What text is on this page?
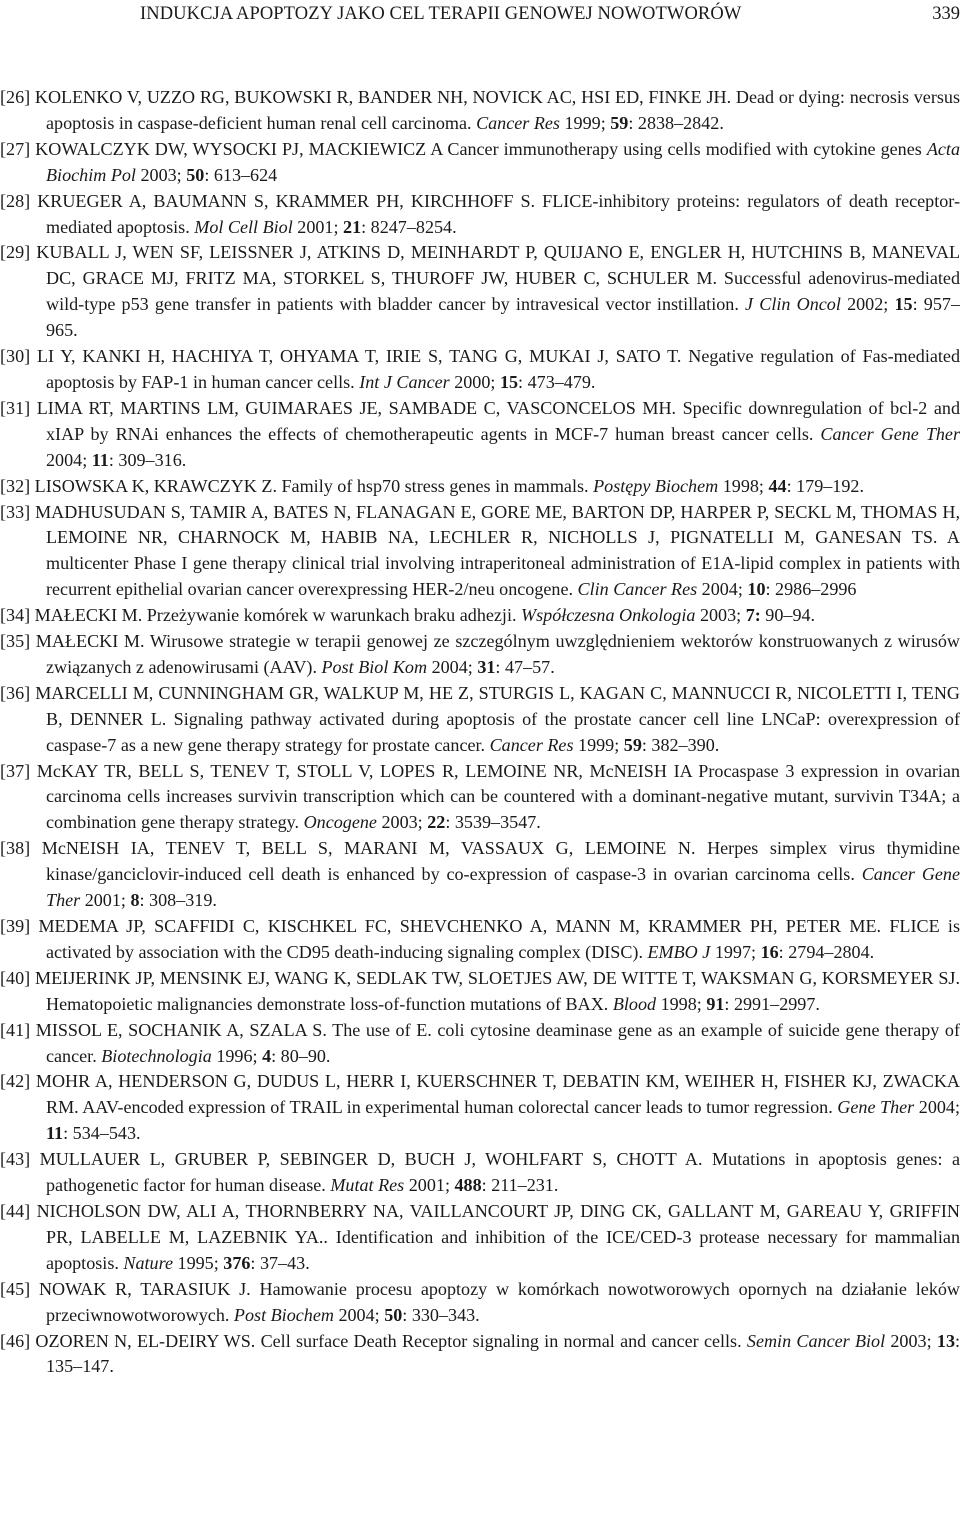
INDUKCJA APOPTOZY JAKO CEL TERAPII GENOWEJ NOWOTWORÓW	339
[26] KOLENKO V, UZZO RG, BUKOWSKI R, BANDER NH, NOVICK AC, HSI ED, FINKE JH. Dead or dying: necrosis versus apoptosis in caspase-deficient human renal cell carcinoma. Cancer Res 1999; 59: 2838–2842.
[27] KOWALCZYK DW, WYSOCKI PJ, MACKIEWICZ A Cancer immunotherapy using cells modified with cytokine genes Acta Biochim Pol 2003; 50: 613–624
[28] KRUEGER A, BAUMANN S, KRAMMER PH, KIRCHHOFF S. FLICE-inhibitory proteins: regulators of death receptor-mediated apoptosis. Mol Cell Biol 2001; 21: 8247–8254.
[29] KUBALL J, WEN SF, LEISSNER J, ATKINS D, MEINHARDT P, QUIJANO E, ENGLER H, HUTCHINS B, MANEVAL DC, GRACE MJ, FRITZ MA, STORKEL S, THUROFF JW, HUBER C, SCHULER M. Successful adenovirus-mediated wild-type p53 gene transfer in patients with bladder cancer by intravesical vector instillation. J Clin Oncol 2002; 15: 957–965.
[30] LI Y, KANKI H, HACHIYA T, OHYAMA T, IRIE S, TANG G, MUKAI J, SATO T. Negative regulation of Fas-mediated apoptosis by FAP-1 in human cancer cells. Int J Cancer 2000; 15: 473–479.
[31] LIMA RT, MARTINS LM, GUIMARAES JE, SAMBADE C, VASCONCELOS MH. Specific downregulation of bcl-2 and xIAP by RNAi enhances the effects of chemotherapeutic agents in MCF-7 human breast cancer cells. Cancer Gene Ther 2004; 11: 309–316.
[32] LISOWSKA K, KRAWCZYK Z. Family of hsp70 stress genes in mammals. Postępy Biochem 1998; 44: 179–192.
[33] MADHUSUDAN S, TAMIR A, BATES N, FLANAGAN E, GORE ME, BARTON DP, HARPER P, SECKL M, THOMAS H, LEMOINE NR, CHARNOCK M, HABIB NA, LECHLER R, NICHOLLS J, PIGNATELLI M, GANESAN TS. A multicenter Phase I gene therapy clinical trial involving intraperitoneal administration of E1A-lipid complex in patients with recurrent epithelial ovarian cancer overexpressing HER-2/neu oncogene. Clin Cancer Res 2004; 10: 2986–2996
[34] MAŁECKI M. Przeżywanie komórek w warunkach braku adhezji. Współczesna Onkologia 2003; 7: 90–94.
[35] MAŁECKI M. Wirusowe strategie w terapii genowej ze szczególnym uwzględnieniem wektorów konstruowanych z wirusów związanych z adenowirusami (AAV). Post Biol Kom 2004; 31: 47–57.
[36] MARCELLI M, CUNNINGHAM GR, WALKUP M, HE Z, STURGIS L, KAGAN C, MANNUCCI R, NICOLETTI I, TENG B, DENNER L. Signaling pathway activated during apoptosis of the prostate cancer cell line LNCaP: overexpression of caspase-7 as a new gene therapy strategy for prostate cancer. Cancer Res 1999; 59: 382–390.
[37] McKAY TR, BELL S, TENEV T, STOLL V, LOPES R, LEMOINE NR, McNEISH IA Procaspase 3 expression in ovarian carcinoma cells increases survivin transcription which can be countered with a dominant-negative mutant, survivin T34A; a combination gene therapy strategy. Oncogene 2003; 22: 3539–3547.
[38] McNEISH IA, TENEV T, BELL S, MARANI M, VASSAUX G, LEMOINE N. Herpes simplex virus thymidine kinase/ganciclovir-induced cell death is enhanced by co-expression of caspase-3 in ovarian carcinoma cells. Cancer Gene Ther 2001; 8: 308–319.
[39] MEDEMA JP, SCAFFIDI C, KISCHKEL FC, SHEVCHENKO A, MANN M, KRAMMER PH, PETER ME. FLICE is activated by association with the CD95 death-inducing signaling complex (DISC). EMBO J 1997; 16: 2794–2804.
[40] MEIJERINK JP, MENSINK EJ, WANG K, SEDLAK TW, SLOETJES AW, DE WITTE T, WAKSMAN G, KORSMEYER SJ. Hematopoietic malignancies demonstrate loss-of-function mutations of BAX. Blood 1998; 91: 2991–2997.
[41] MISSOL E, SOCHANIK A, SZALA S. The use of E. coli cytosine deaminase gene as an example of suicide gene therapy of cancer. Biotechnologia 1996; 4: 80–90.
[42] MOHR A, HENDERSON G, DUDUS L, HERR I, KUERSCHNER T, DEBATIN KM, WEIHER H, FISHER KJ, ZWACKA RM. AAV-encoded expression of TRAIL in experimental human colorectal cancer leads to tumor regression. Gene Ther 2004; 11: 534–543.
[43] MULLAUER L, GRUBER P, SEBINGER D, BUCH J, WOHLFART S, CHOTT A. Mutations in apoptosis genes: a pathogenetic factor for human disease. Mutat Res 2001; 488: 211–231.
[44] NICHOLSON DW, ALI A, THORNBERRY NA, VAILLANCOURT JP, DING CK, GALLANT M, GAREAU Y, GRIFFIN PR, LABELLE M, LAZEBNIK YA.. Identification and inhibition of the ICE/CED-3 protease necessary for mammalian apoptosis. Nature 1995; 376: 37–43.
[45] NOWAK R, TARASIUK J. Hamowanie procesu apoptozy w komórkach nowotworowych opornych na działanie leków przeciwnowotworowych. Post Biochem 2004; 50: 330–343.
[46] OZOREN N, EL-DEIRY WS. Cell surface Death Receptor signaling in normal and cancer cells. Semin Cancer Biol 2003; 13: 135–147.
